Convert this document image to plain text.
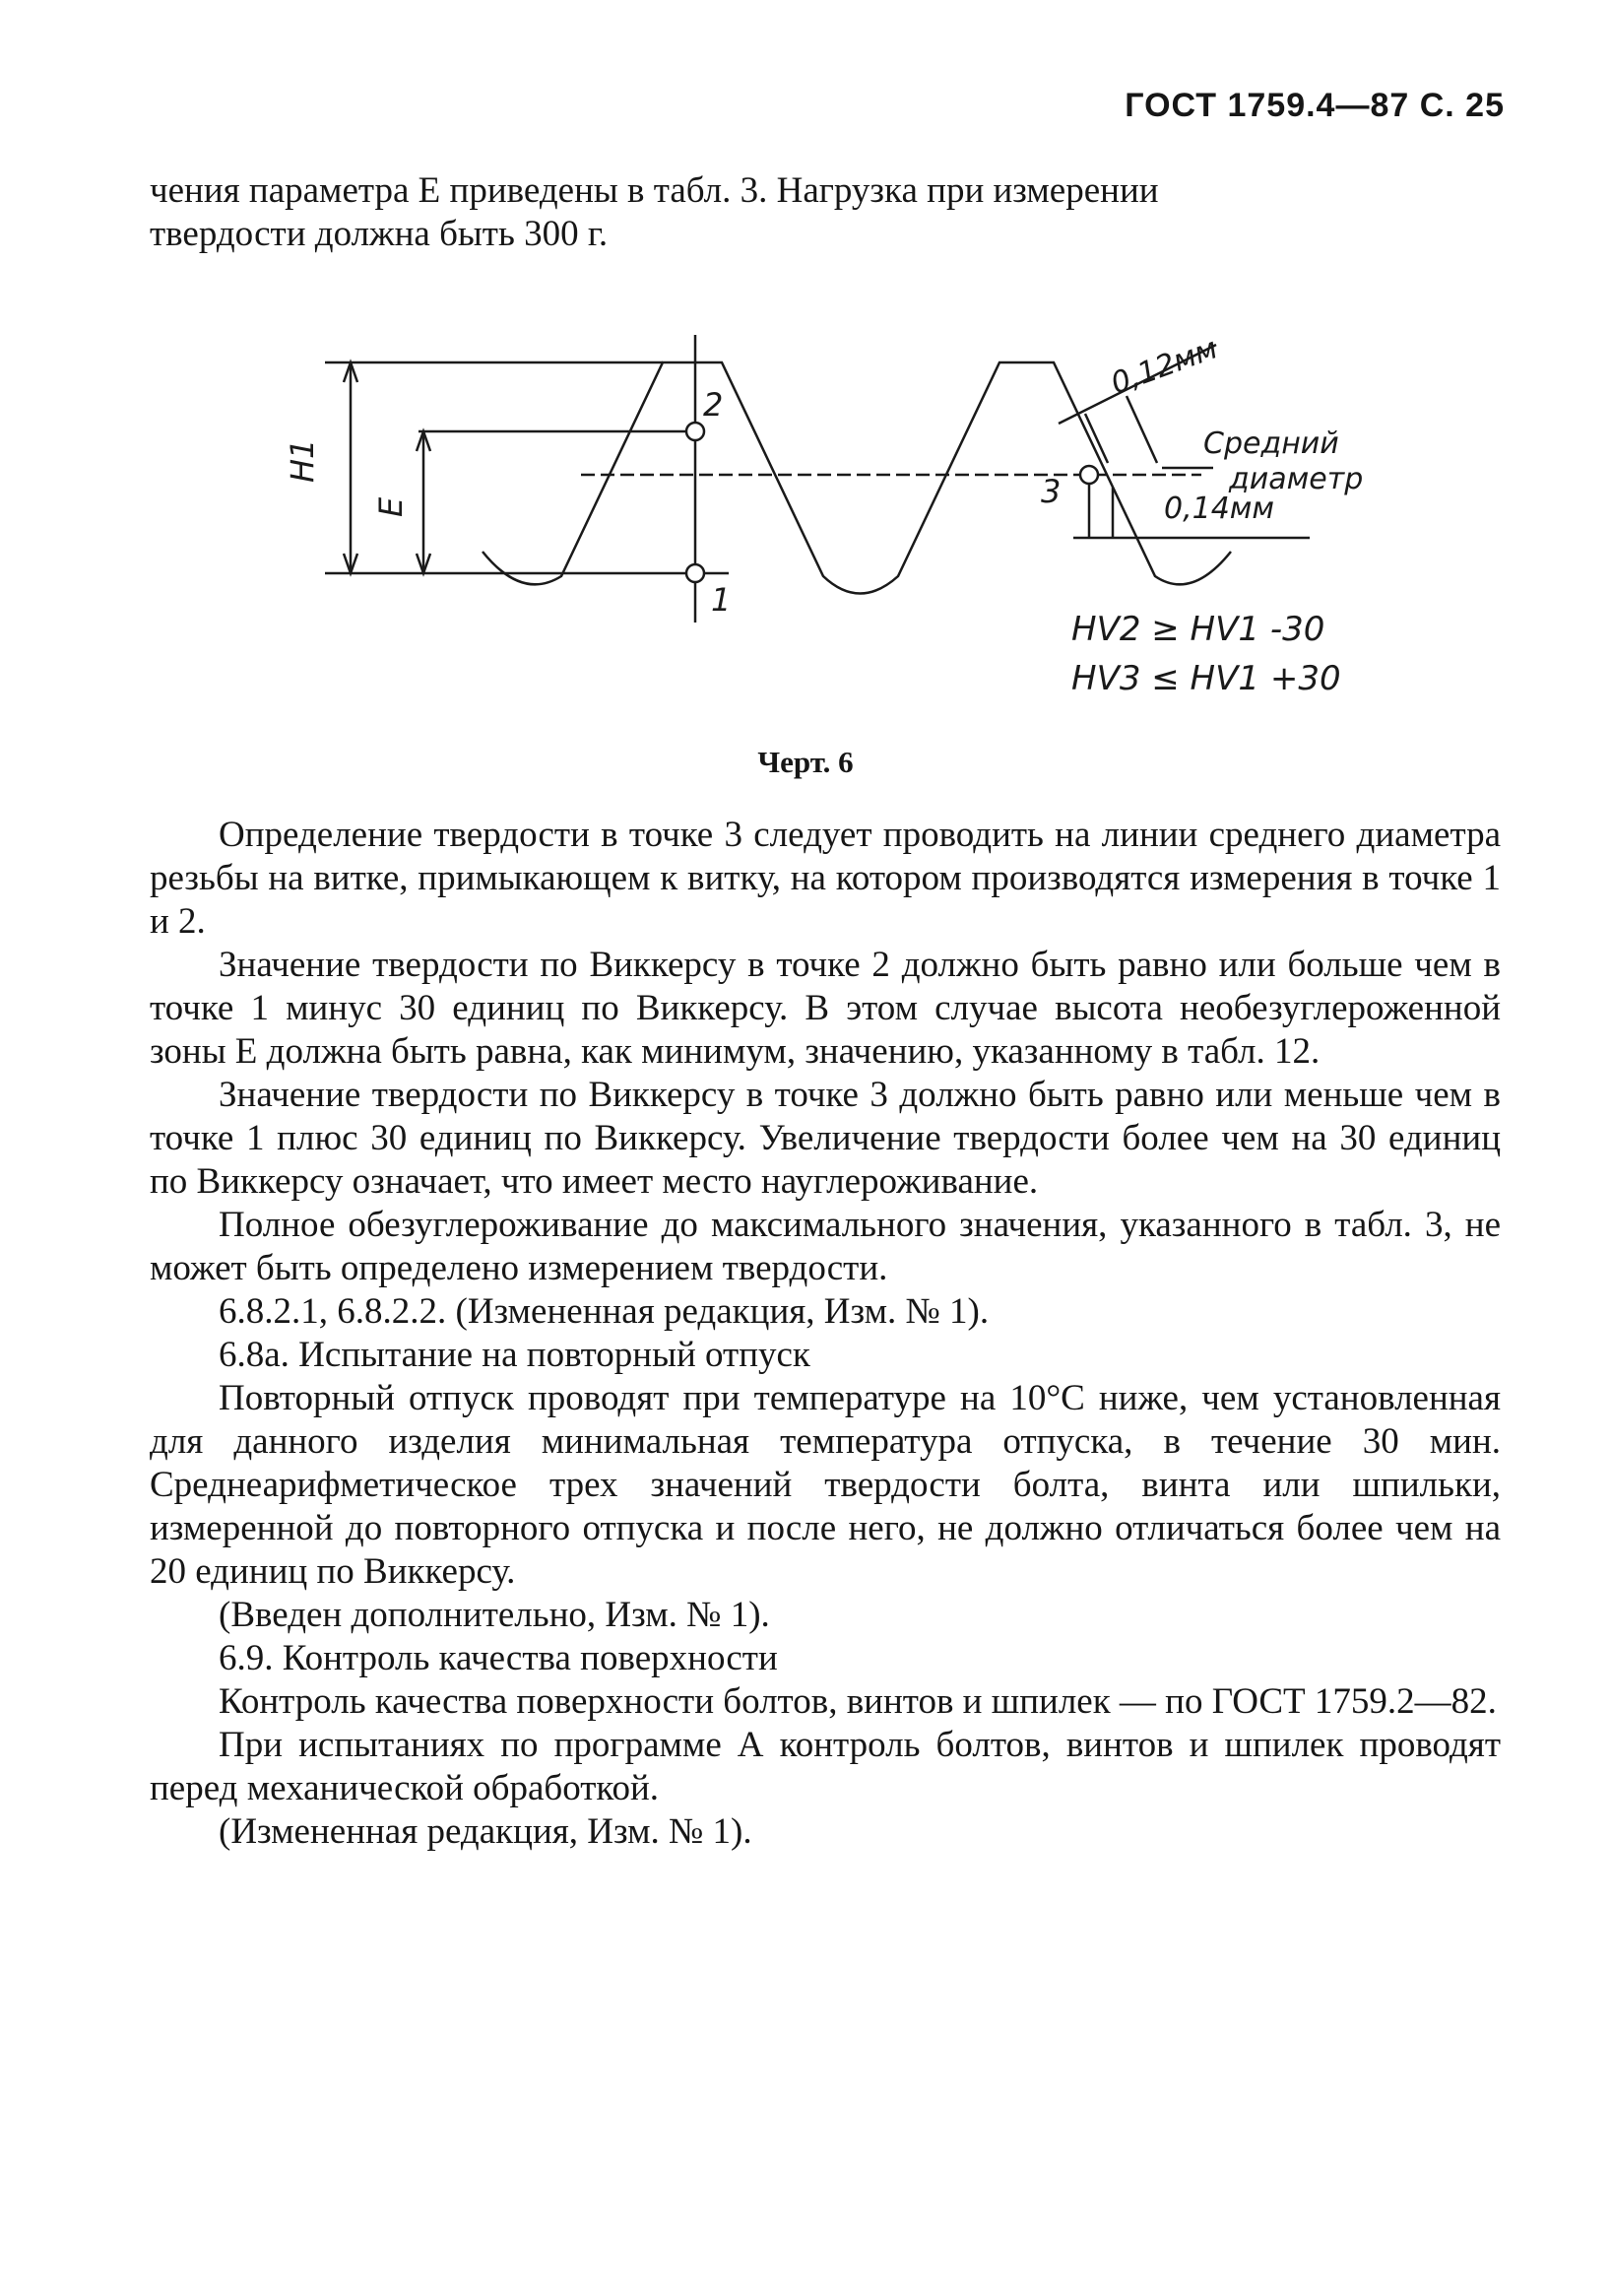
ГОСТ 1759.4—87 С. 25

чения параметра Е приведены в табл. 3. Нагрузка при измерении

твердости должна быть 300 г.

H1
E
2
1
3
0,12мм
0,14мм
Средний
диаметр
HV2 ≥ HV1 -30
HV3 ≤ HV1 +30
Черт. 6

Определение твердости в точке 3 следует проводить на линии среднего диаметра резьбы на витке, примыкающем к витку, на котором производятся измерения в точке 1 и 2.

Значение твердости по Виккерсу в точке 2 должно быть равно или больше чем в точке 1 минус 30 единиц по Виккерсу. В этом случае высота необезуглероженной зоны Е должна быть равна, как минимум, значению, указанному в табл. 12.

Значение твердости по Виккерсу в точке 3 должно быть равно или меньше чем в точке 1 плюс 30 единиц по Виккерсу. Увеличение твердости более чем на 30 единиц по Виккерсу означает, что имеет место науглероживание.

Полное обезуглероживание до максимального значения, указанного в табл. 3, не может быть определено измерением твердости.

6.8.2.1, 6.8.2.2. (Измененная редакция, Изм. № 1).

6.8а. Испытание на повторный отпуск

Повторный отпуск проводят при температуре на 10°С ниже, чем установленная для данного изделия минимальная температура отпуска, в течение 30 мин. Среднеарифметическое трех значений твердости болта, винта или шпильки, измеренной до повторного отпуска и после него, не должно отличаться более чем на 20 единиц по Виккерсу.

(Введен дополнительно, Изм. № 1).

6.9. Контроль качества поверхности

Контроль качества поверхности болтов, винтов и шпилек — по ГОСТ 1759.2—82.

При испытаниях по программе А контроль болтов, винтов и шпилек проводят перед механической обработкой.

(Измененная редакция, Изм. № 1).
